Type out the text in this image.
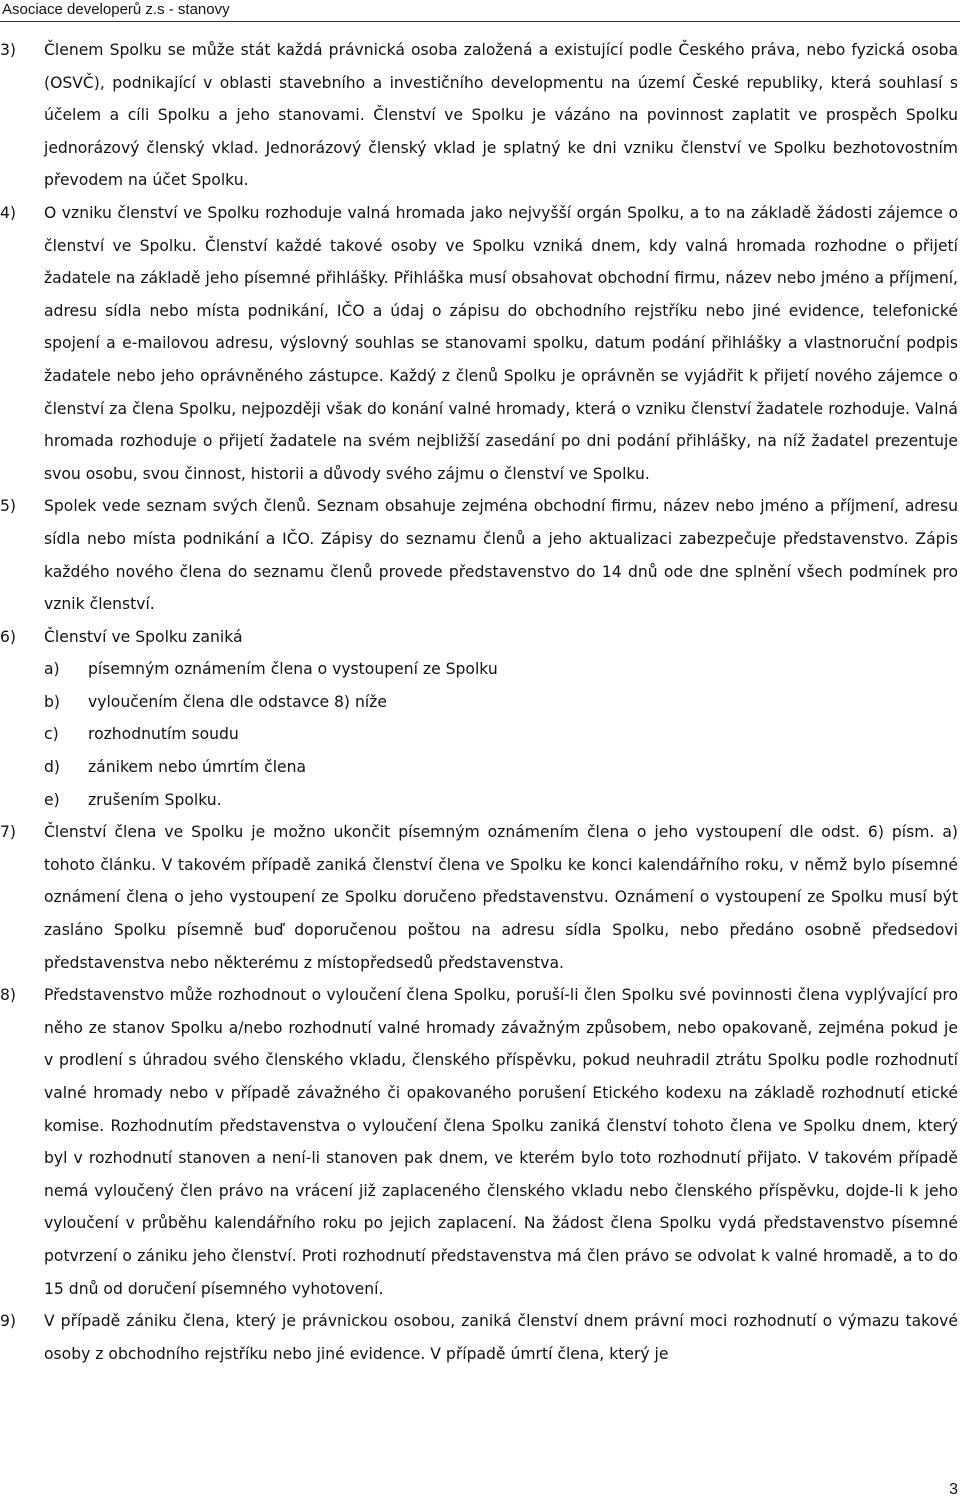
Asociace developerů z.s - stanovy
3) Členem Spolku se může stát každá právnická osoba založená a existující podle Českého práva, nebo fyzická osoba (OSVČ), podnikající v oblasti stavebního a investičního developmentu na území České republiky, která souhlasí s účelem a cíli Spolku a jeho stanovami. Členství ve Spolku je vázáno na povinnost zaplatit ve prospěch Spolku jednorázový členský vklad. Jednorázový členský vklad je splatný ke dni vzniku členství ve Spolku bezhotovostním převodem na účet Spolku.
4) O vzniku členství ve Spolku rozhoduje valná hromada jako nejvyšší orgán Spolku, a to na základě žádosti zájemce o členství ve Spolku. Členství každé takové osoby ve Spolku vzniká dnem, kdy valná hromada rozhodne o přijetí žadatele na základě jeho písemné přihlášky. Přihláška musí obsahovat obchodní firmu, název nebo jméno a příjmení, adresu sídla nebo místa podnikání, IČO a údaj o zápisu do obchodního rejstříku nebo jiné evidence, telefonické spojení a e-mailovou adresu, výslovný souhlas se stanovami spolku, datum podání přihlášky a vlastnoruční podpis žadatele nebo jeho oprávněného zástupce. Každý z členů Spolku je oprávněn se vyjádřit k přijetí nového zájemce o členství za člena Spolku, nejpozději však do konání valné hromady, která o vzniku členství žadatele rozhoduje. Valná hromada rozhoduje o přijetí žadatele na svém nejbližší zasedání po dni podání přihlášky, na níž žadatel prezentuje svou osobu, svou činnost, historii a důvody svého zájmu o členství ve Spolku.
5) Spolek vede seznam svých členů. Seznam obsahuje zejména obchodní firmu, název nebo jméno a příjmení, adresu sídla nebo místa podnikání a IČO. Zápisy do seznamu členů a jeho aktualizaci zabezpečuje představenstvo. Zápis každého nového člena do seznamu členů provede představenstvo do 14 dnů ode dne splnění všech podmínek pro vznik členství.
6) Členství ve Spolku zaniká
a) písemným oznámením člena o vystoupení ze Spolku
b) vyloučením člena dle odstavce 8) níže
c) rozhodnutím soudu
d) zánikem nebo úmrtím člena
e) zrušením Spolku.
7) Členství člena ve Spolku je možno ukončit písemným oznámením člena o jeho vystoupení dle odst. 6) písm. a) tohoto článku. V takovém případě zaniká členství člena ve Spolku ke konci kalendářního roku, v němž bylo písemné oznámení člena o jeho vystoupení ze Spolku doručeno představenstvu. Oznámení o vystoupení ze Spolku musí být zasláno Spolku písemně buď doporučenou poštou na adresu sídla Spolku, nebo předáno osobně předsedovi představenstva nebo některému z místopředsedů představenstva.
8) Představenstvo může rozhodnout o vyloučení člena Spolku, poruší-li člen Spolku své povinnosti člena vyplývající pro něho ze stanov Spolku a/nebo rozhodnutí valné hromady závažným způsobem, nebo opakovaně, zejména pokud je v prodlení s úhradou svého členského vkladu, členského příspěvku, pokud neuhradil ztrátu Spolku podle rozhodnutí valné hromady nebo v případě závažného či opakovaného porušení Etického kodexu na základě rozhodnutí etické komise. Rozhodnutím představenstva o vyloučení člena Spolku zaniká členství tohoto člena ve Spolku dnem, který byl v rozhodnutí stanoven a není-li stanoven pak dnem, ve kterém bylo toto rozhodnutí přijato. V takovém případě nemá vyloučený člen právo na vrácení již zaplaceného členského vkladu nebo členského příspěvku, dojde-li k jeho vyloučení v průběhu kalendářního roku po jejich zaplacení. Na žádost člena Spolku vydá představenstvo písemné potvrzení o zániku jeho členství. Proti rozhodnutí představenstva má člen právo se odvolat k valné hromadě, a to do 15 dnů od doručení písemného vyhotovení.
9) V případě zániku člena, který je právnickou osobou, zaniká členství dnem právní moci rozhodnutí o výmazu takové osoby z obchodního rejstříku nebo jiné evidence. V případě úmrtí člena, který je
3
